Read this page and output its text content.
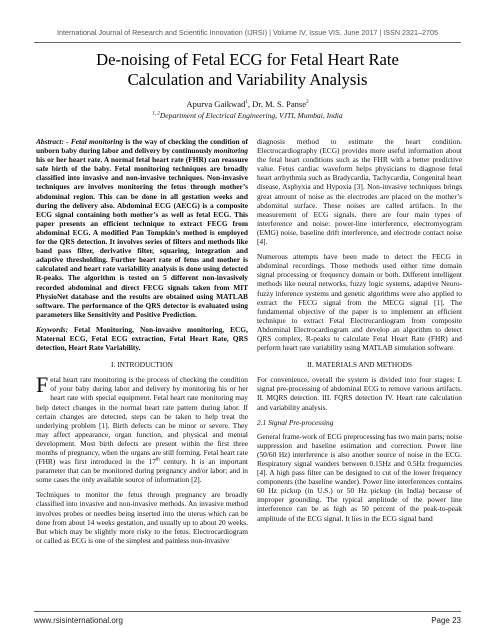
International Journal of Research and Scientific Innovation (IJRSI) | Volume IV, Issue VIS, June 2017 | ISSN 2321–2705
De-noising of Fetal ECG for Fetal Heart Rate
Calculation and Variability Analysis
Apurva Gaikwad$^1$, Dr. M. S. Panse$^2$
$^{1, 2}$Department of Electrical Engineering, VJTI, Mumbai, India

Abstract: - Fetal monitoring is the way of checking the condition of unborn baby during labor and delivery by continuously monitoring his or her heart rate. A normal fetal heart rate (FHR) can reassure safe birth of the baby. Fetal monitoring techniques are broadly classified into invasive and non-invasive techniques. Non-invasive techniques are involves monitoring the fetus through mother’s abdominal region. This can be done in all gestation weeks and during the delivery also. Abdominal ECG (AECG) is a composite ECG signal containing both mother’s as well as fetal ECG. This paper presents an efficient technique to extract FECG from abdominal ECG. A modified Pan Tompkin’s method is employed for the QRS detection. It involves series of filters and methods like band pass filter, derivative filter, squaring, integration and adaptive thresholding. Further heart rate of fetus and mother is calculated and heart rate variability analysis is done using detected R-peaks. The algorithm is tested on 5 different non-invasively recorded abdominal and direct FECG signals taken from MIT PhysioNet database and the results are obtained using MATLAB software. The performance of the QRS detector is evaluated using parameters like Sensitivity and Positive Prediction.

Keywords: Fetal Monitoring, Non-invasive monitoring, ECG, Maternal ECG, Fetal ECG extraction, Fetal Heart Rate, QRS detection, Heart Rate Variability.

I. INTRODUCTION

Fetal heart rate monitoring is the process of checking the condition of your baby during labor and delivery by monitoring his or her heart rate with special equipment. Fetal heart rate monitoring may help detect changes in the normal heart rate pattern during labor. If certain changes are detected, steps can be taken to help treat the underlying problem [1]. Birth defects can be minor or severe. They may affect appearance, organ function, and physical and mental development. Most birth defects are present within the first three months of pregnancy, when the organs are still forming. Fetal heart rate (FHR) was first introduced in the 17th century. It is an important parameter that can be monitored during pregnancy and/or labor; and in some cases the only available source of information [2].

Techniques to monitor the fetus through pregnancy are broadly classified into invasive and non-invasive methods. An invasive method involves probes or needles being inserted into the uterus which can be done from about 14 weeks gestation, and usually up to about 20 weeks. But which may be slightly more risky to the fetus. Electrocardiogram or called as ECG is one of the simplest and painless non-invasive

diagnosis method to estimate the heart condition. Electrocardiography (ECG) provides more useful information about the fetal heart conditions such as the FHR with a better predictive value. Fetus cardiac waveform helps physicians to diagnose fetal heart arrhythmia such as Bradycardia, Tachycardia, Congenital heart disease, Asphyxia and Hypoxia [3]. Non-invasive techniques brings great amount of noise as the electrodes are placed on the mother’s abdominal surface. These noises are called artifacts. In the measurement of ECG signals, there are four main types of interference and noise: power-line interference, electromyogram (EMG) noise, baseline drift interference, and electrode contact noise [4].

Numerous attempts have been made to detect the FECG in abdominal recordings. Those methods used either time domain signal processing or frequency domain or both. Different intelligent methods like neural networks, fuzzy logic systems, adaptive Neuro-fuzzy inference systems and genetic algorithms were also applied to extract the FECG signal from the MECG signal [1]. The fundamental objective of the paper is to implement an efficient technique to extract Fetal Electrocardiogram from composite Abdominal Electrocardiogram and develop an algorithm to detect QRS complex, R-peaks to calculate Fetal Heart Rate (FHR) and perform heart rate variability using MATLAB simulation software.

II. MATERIALS AND METHODS

For convenience, overall the system is divided into four stages: I. signal pre-processing of abdominal ECG to remove various artifacts. II. MQRS detection. III. FQRS detection IV. Heart rate calculation and variability analysis.

2.1 Signal Pre-processing

General frame-work of ECG preprocessing has two main parts; noise suppression and baseline estimation and correction. Power line (50/60 Hz) interference is also another source of noise in the ECG. Respiratory signal wanders between 0.15Hz and 0.5Hz frequencies [4]. A high pass filter can be designed to cut of the lower frequency components (the baseline wander). Power line interferences contains 60 Hz pickup (in U.S.) or 50 Hz pickup (in India) because of improper grounding. The typical amplitude of the power line interference can be as high as 50 percent of the peak-to-peak amplitude of the ECG signal. It lies in the ECG signal band

www.rsisinternational.org	Page 23
